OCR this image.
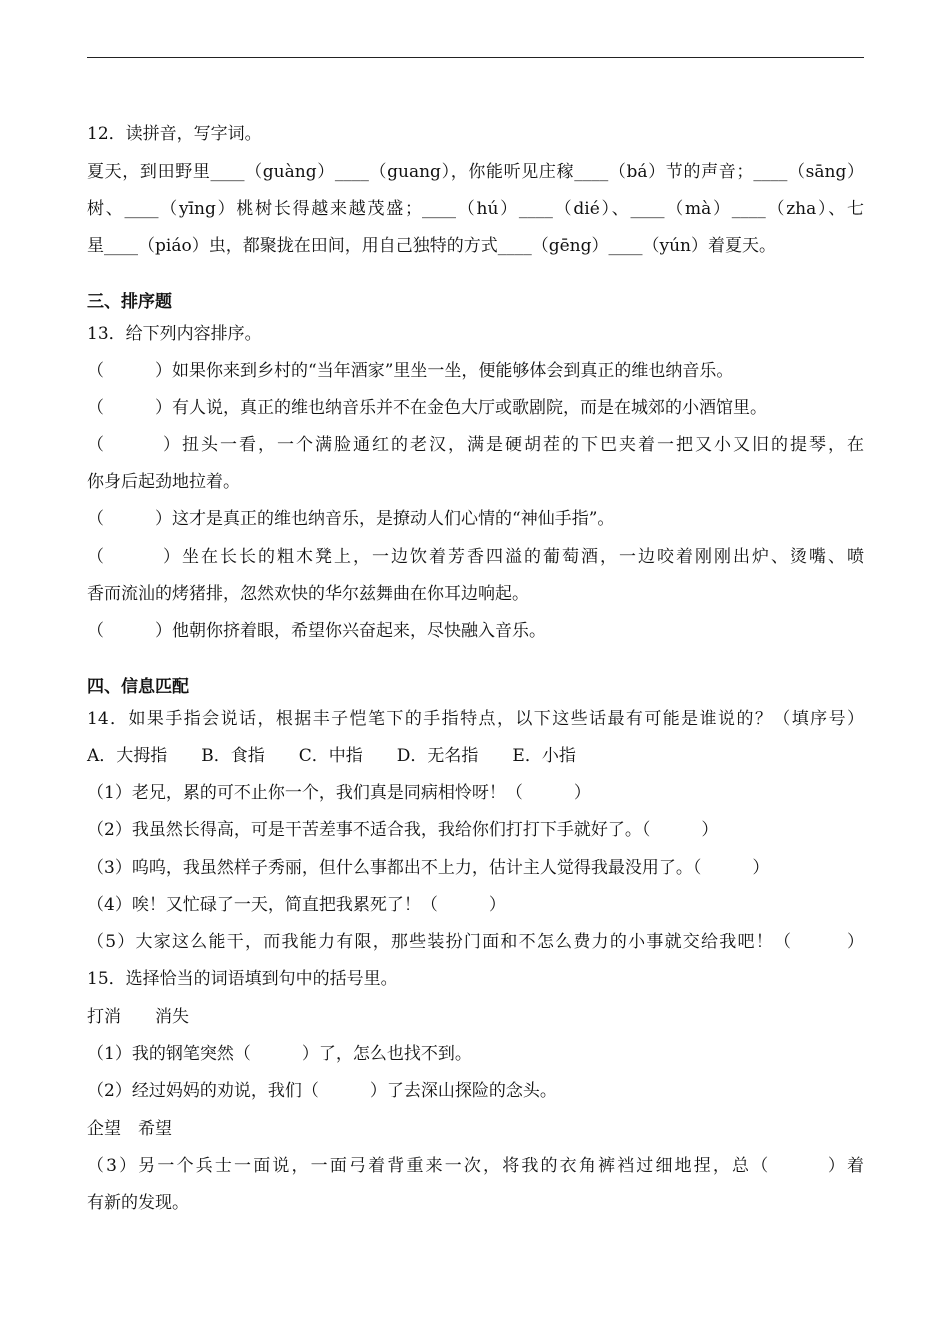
12．读拼音，写字词。
夏天，到田野里____（guàng）____（guang），你能听见庄稼____（bá）节的声音；____（sāng）
树、____（yīng）桃树长得越来越茂盛；____（hú）____（dié）、____（mà）____（zha）、七
星____（piáo）虫，都聚拢在田间，用自己独特的方式____（gēng）____（yún）着夏天。
三、排序题
13．给下列内容排序。
（　　　）如果你来到乡村的“当年酒家”里坐一坐，便能够体会到真正的维也纳音乐。
（　　　）有人说，真正的维也纳音乐并不在金色大厅或歌剧院，而是在城郊的小酒馆里。
（　　　）扭头一看，一个满脸通红的老汉，满是硬胡茬的下巴夹着一把又小又旧的提琴，在
你身后起劲地拉着。
（　　　）这才是真正的维也纳音乐，是撩动人们心情的“神仙手指”。
（　　　）坐在长长的粗木凳上，一边饮着芳香四溢的葡萄酒，一边咬着刚刚出炉、烫嘴、喷
香而流汕的烤猪排，忽然欢快的华尔兹舞曲在你耳边响起。
（　　　）他朝你挤着眼，希望你兴奋起来，尽快融入音乐。
四、信息匹配
14．如果手指会说话，根据丰子恺笔下的手指特点，以下这些话最有可能是谁说的？（填序号）
A．大拇指　　B．食指　　C．中指　　D．无名指　　E．小指
（1）老兄，累的可不止你一个，我们真是同病相怜呀！（　　　）
（2）我虽然长得高，可是干苦差事不适合我，我给你们打打下手就好了。（　　　）
（3）呜呜，我虽然样子秀丽，但什么事都出不上力，估计主人觉得我最没用了。（　　　）
（4）唉！又忙碌了一天，简直把我累死了！（　　　）
（5）大家这么能干，而我能力有限，那些装扮门面和不怎么费力的小事就交给我吧！（　　　）
15．选择恰当的词语填到句中的括号里。
打消　　消失
（1）我的钢笔突然（　　　）了，怎么也找不到。
（2）经过妈妈的劝说，我们（　　　）了去深山探险的念头。
企望　希望
（3）另一个兵士一面说，一面弓着背重来一次，将我的衣角裤裆过细地捏，总（　　　）着
有新的发现。
